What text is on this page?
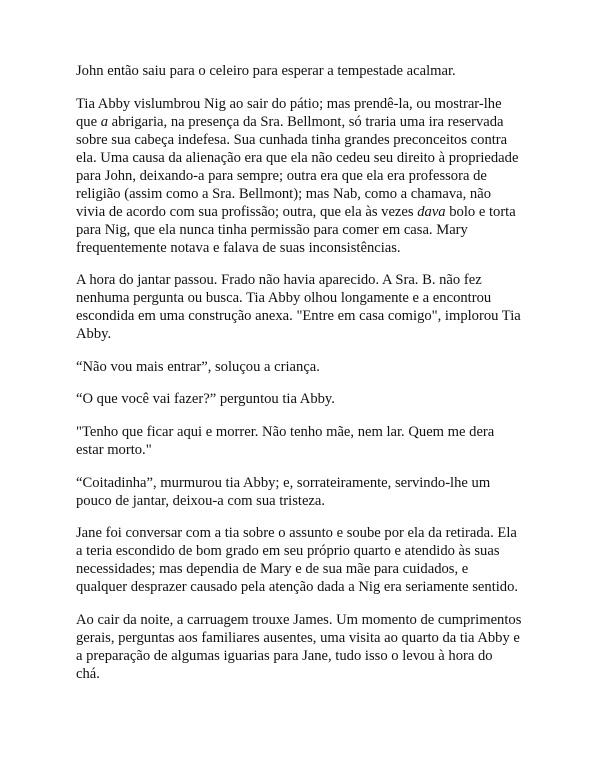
John então saiu para o celeiro para esperar a tempestade acalmar.

Tia Abby vislumbrou Nig ao sair do pátio; mas prendê-la, ou mostrar-lhe
que a abrigaria, na presença da Sra. Bellmont, só traria uma ira reservada
sobre sua cabeça indefesa. Sua cunhada tinha grandes preconceitos contra
ela. Uma causa da alienação era que ela não cedeu seu direito à propriedade
para John, deixando-a para sempre; outra era que ela era professora de
religião (assim como a Sra. Bellmont); mas Nab, como a chamava, não
vivia de acordo com sua profissão; outra, que ela às vezes dava bolo e torta
para Nig, que ela nunca tinha permissão para comer em casa. Mary
frequentemente notava e falava de suas inconsistências.

A hora do jantar passou. Frado não havia aparecido. A Sra. B. não fez
nenhuma pergunta ou busca. Tia Abby olhou longamente e a encontrou
escondida em uma construção anexa. "Entre em casa comigo", implorou Tia
Abby.

“Não vou mais entrar”, soluçou a criança.

“O que você vai fazer?” perguntou tia Abby.

"Tenho que ficar aqui e morrer. Não tenho mãe, nem lar. Quem me dera
estar morto."

“Coitadinha”, murmurou tia Abby; e, sorrateiramente, servindo-lhe um
pouco de jantar, deixou-a com sua tristeza.

Jane foi conversar com a tia sobre o assunto e soube por ela da retirada. Ela
a teria escondido de bom grado em seu próprio quarto e atendido às suas
necessidades; mas dependia de Mary e de sua mãe para cuidados, e
qualquer desprazer causado pela atenção dada a Nig era seriamente sentido.

Ao cair da noite, a carruagem trouxe James. Um momento de cumprimentos
gerais, perguntas aos familiares ausentes, uma visita ao quarto da tia Abby e
a preparação de algumas iguarias para Jane, tudo isso o levou à hora do
chá.
